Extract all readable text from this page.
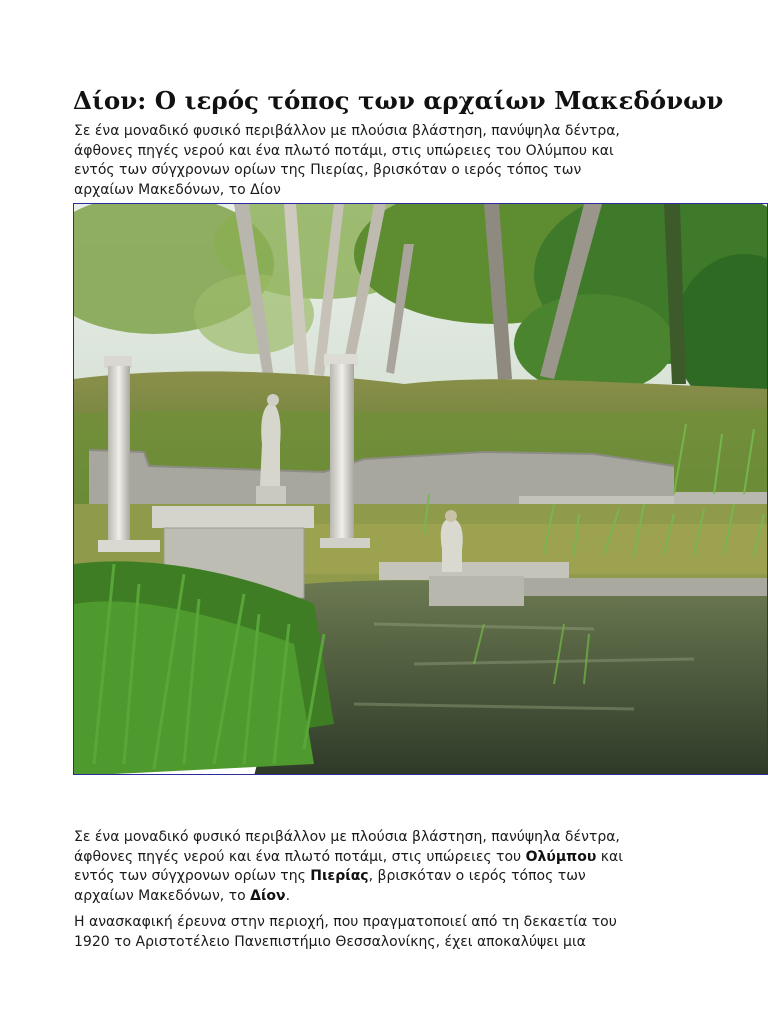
Δίον: Ο ιερός τόπος των αρχαίων Μακεδόνων

Σε ένα μοναδικό φυσικό περιβάλλον με πλούσια βλάστηση, πανύψηλα δέντρα,
άφθονες πηγές νερού και ένα πλωτό ποτάμι, στις υπώρειες του Ολύμπου και
εντός των σύγχρονων ορίων της Πιερίας, βρισκόταν ο ιερός τόπος των
αρχαίων Μακεδόνων, το Δίον

Σε ένα μοναδικό φυσικό περιβάλλον με πλούσια βλάστηση, πανύψηλα δέντρα,
άφθονες πηγές νερού και ένα πλωτό ποτάμι, στις υπώρειες του Ολύμπου και
εντός των σύγχρονων ορίων της Πιερίας, βρισκόταν ο ιερός τόπος των
αρχαίων Μακεδόνων, το Δίον.

Η ανασκαφική έρευνα στην περιοχή, που πραγματοποιεί από τη δεκαετία του
1920 το Αριστοτέλειο Πανεπιστήμιο Θεσσαλονίκης, έχει αποκαλύψει μια
